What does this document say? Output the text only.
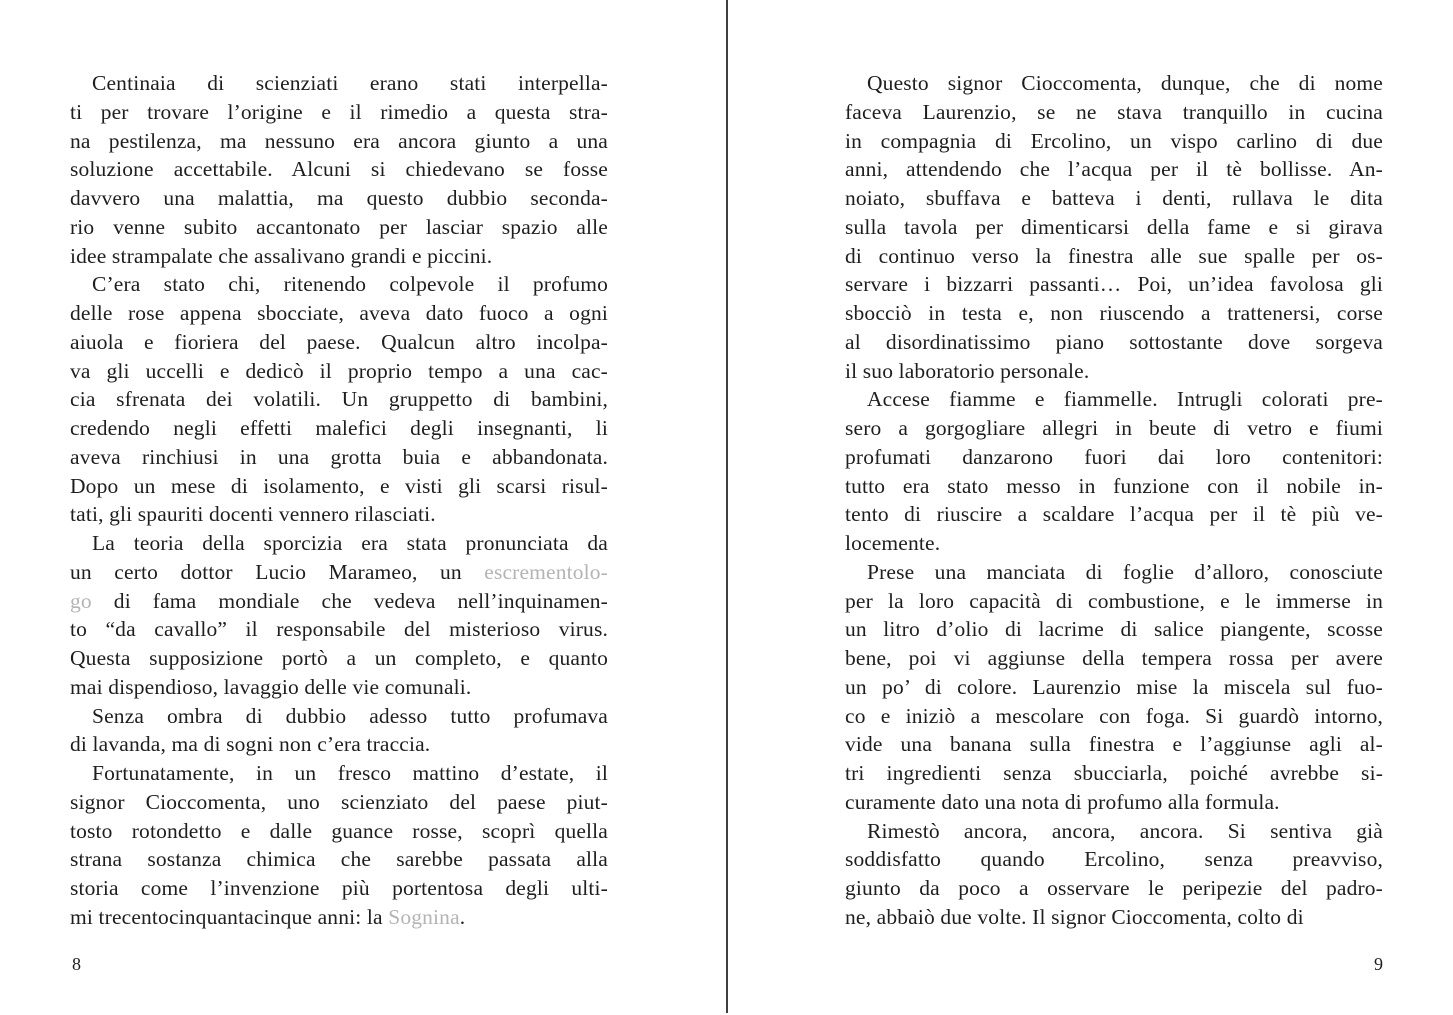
Centinaia di scienziati erano stati interpella-
ti per trovare l’origine e il rimedio a questa stra-
na pestilenza, ma nessuno era ancora giunto a una
soluzione accettabile. Alcuni si chiedevano se fosse
davvero una malattia, ma questo dubbio seconda-
rio venne subito accantonato per lasciar spazio alle
idee strampalate che assalivano grandi e piccini.
C’era stato chi, ritenendo colpevole il profumo
delle rose appena sbocciate, aveva dato fuoco a ogni
aiuola e fioriera del paese. Qualcun altro incolpa-
va gli uccelli e dedicò il proprio tempo a una cac-
cia sfrenata dei volatili. Un gruppetto di bambini,
credendo negli effetti malefici degli insegnanti, li
aveva rinchiusi in una grotta buia e abbandonata.
Dopo un mese di isolamento, e visti gli scarsi risul-
tati, gli spauriti docenti vennero rilasciati.
La teoria della sporcizia era stata pronunciata da
un certo dottor Lucio Marameo, un escrementolo-
go di fama mondiale che vedeva nell’inquinamen-
to “da cavallo” il responsabile del misterioso virus.
Questa supposizione portò a un completo, e quanto
mai dispendioso, lavaggio delle vie comunali.
Senza ombra di dubbio adesso tutto profumava
di lavanda, ma di sogni non c’era traccia.
Fortunatamente, in un fresco mattino d’estate, il
signor Cioccomenta, uno scienziato del paese piut-
tosto rotondetto e dalle guance rosse, scoprì quella
strana sostanza chimica che sarebbe passata alla
storia come l’invenzione più portentosa degli ulti-
mi trecentocinquantacinque anni: la Sognina.
Questo signor Cioccomenta, dunque, che di nome
faceva Laurenzio, se ne stava tranquillo in cucina
in compagnia di Ercolino, un vispo carlino di due
anni, attendendo che l’acqua per il tè bollisse. An-
noiato, sbuffava e batteva i denti, rullava le dita
sulla tavola per dimenticarsi della fame e si girava
di continuo verso la finestra alle sue spalle per os-
servare i bizzarri passanti… Poi, un’idea favolosa gli
sbocciò in testa e, non riuscendo a trattenersi, corse
al disordinatissimo piano sottostante dove sorgeva
il suo laboratorio personale.
Accese fiamme e fiammelle. Intrugli colorati pre-
sero a gorgogliare allegri in beute di vetro e fiumi
profumati danzarono fuori dai loro contenitori:
tutto era stato messo in funzione con il nobile in-
tento di riuscire a scaldare l’acqua per il tè più ve-
locemente.
Prese una manciata di foglie d’alloro, conosciute
per la loro capacità di combustione, e le immerse in
un litro d’olio di lacrime di salice piangente, scosse
bene, poi vi aggiunse della tempera rossa per avere
un po’ di colore. Laurenzio mise la miscela sul fuo-
co e iniziò a mescolare con foga. Si guardò intorno,
vide una banana sulla finestra e l’aggiunse agli al-
tri ingredienti senza sbucciarla, poiché avrebbe si-
curamente dato una nota di profumo alla formula.
Rimestò ancora, ancora, ancora. Si sentiva già
soddisfatto quando Ercolino, senza preavviso,
giunto da poco a osservare le peripezie del padro-
ne, abbaiò due volte. Il signor Cioccomenta, colto di
8	9
